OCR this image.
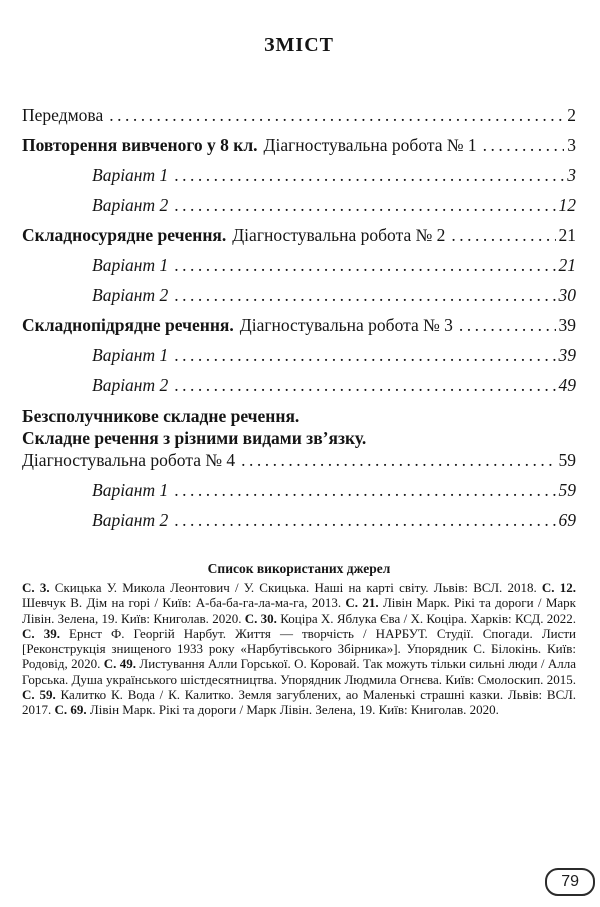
ЗМІСТ
Передмова .....	2
Повторення вивченого у 8 кл. Діагностувальна робота № 1 .....	3
Варіант 1 .....	3
Варіант 2 .....	12
Складносурядне речення. Діагностувальна робота № 2 .....	21
Варіант 1 .....	21
Варіант 2 .....	30
Складнопідрядне речення. Діагностувальна робота № 3 .....	39
Варіант 1 .....	39
Варіант 2 .....	49
Безсполучникове складне речення.
Складне речення з різними видами зв’язку.
Діагностувальна робота № 4 .....	59
Варіант 1 .....	59
Варіант 2 .....	69
Список використаних джерел

С. 3. Скицька У. Микола Леонтович / У. Скицька. Наші на карті світу. Львів: ВСЛ. 2018. С. 12. Шевчук В. Дім на горі / Київ: А-ба-ба-га-ла-ма-га, 2013. С. 21. Лівін Марк. Рікі та дороги / Марк Лівін. Зелена, 19. Київ: Книголав. 2020. С. 30. Коціра Х. Яблука Єва / Х. Коціра. Харків: КСД. 2022. С. 39. Ернст Ф. Георгій Нарбут. Життя — творчість / НАРБУТ. Студії. Спогади. Листи [Реконструкція знищеного 1933 року «Нарбутівського Збірника»]. Упорядник С. Білокінь. Київ: Родовід, 2020. С. 49. Листування Алли Горської. О. Коровай. Так можуть тільки сильні люди / Алла Горська. Душа українського шістдесятництва. Упорядник Людмила Огнєва. Київ: Смолоскип. 2015. С. 59. Калитко К. Вода / К. Калитко. Земля загублених, ао Маленькі страшні казки. Львів: ВСЛ. 2017. С. 69. Лівін Марк. Рікі та дороги / Марк Лівін. Зелена, 19. Київ: Книголав. 2020.

79
